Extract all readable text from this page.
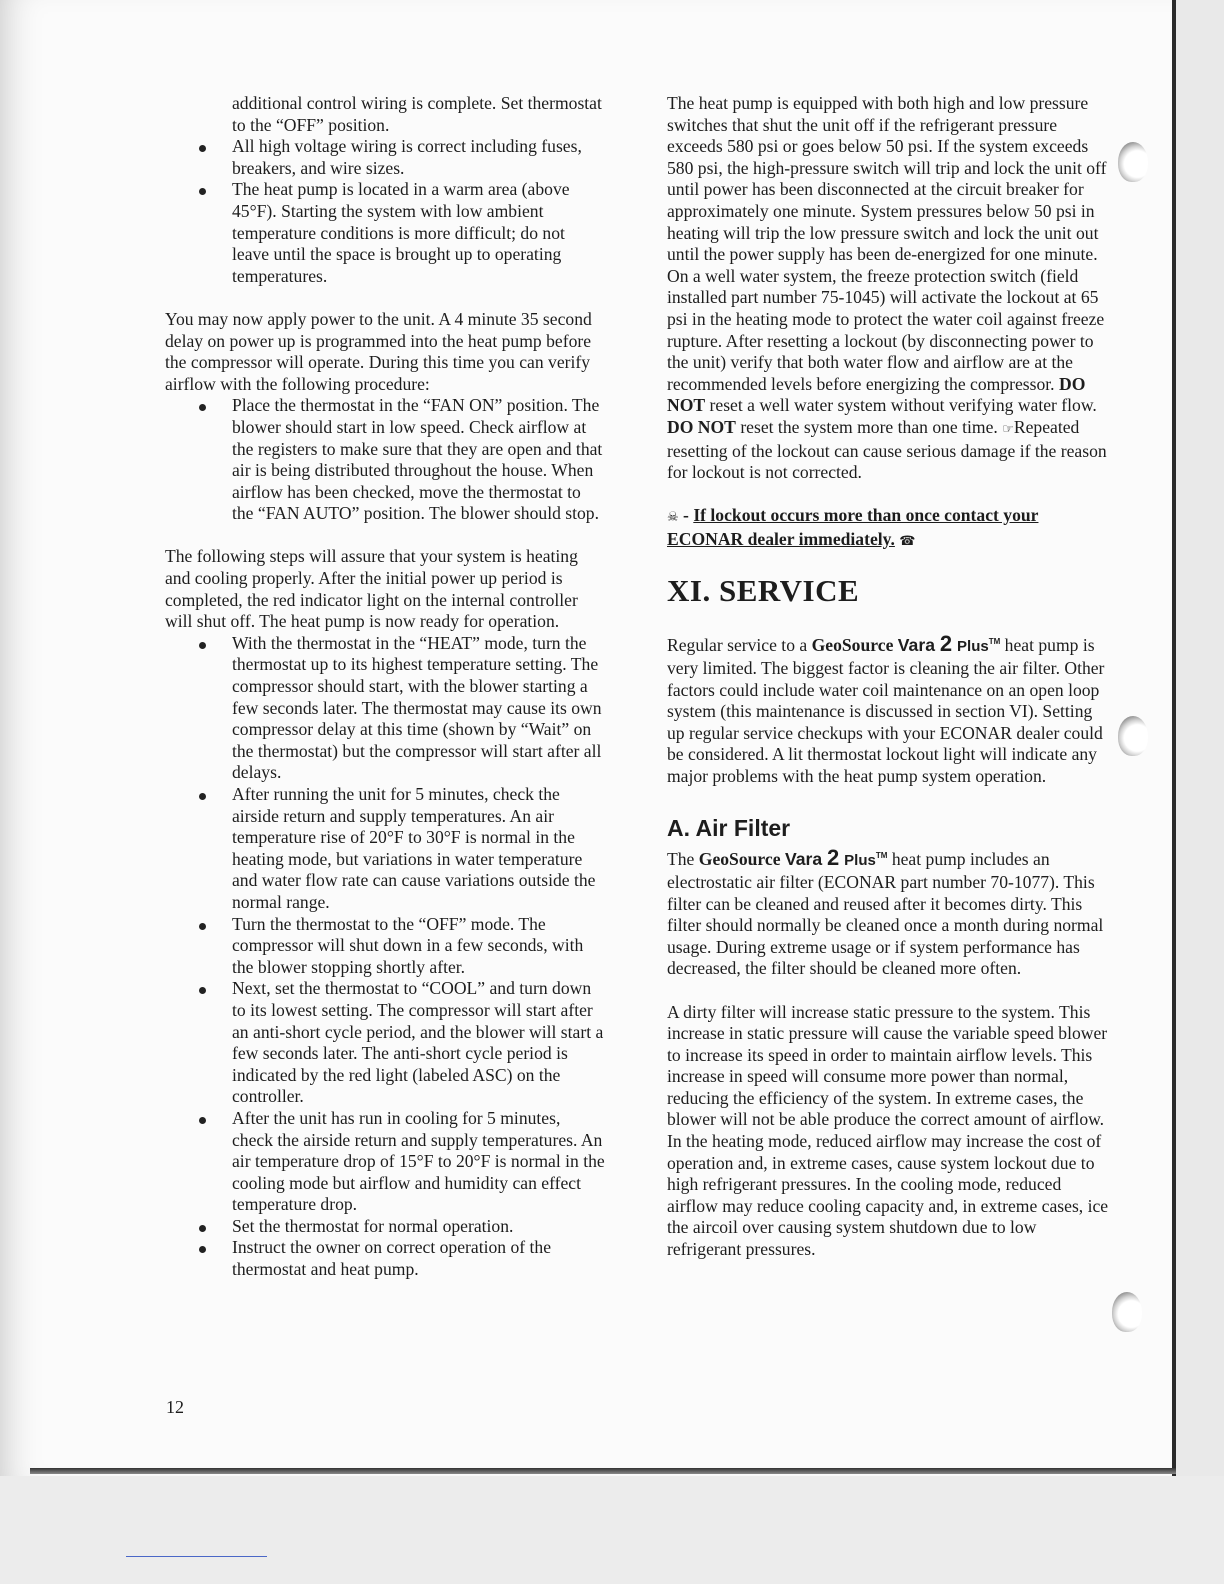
additional control wiring is complete. Set thermostat to the “OFF” position.

All high voltage wiring is correct including fuses, breakers, and wire sizes.
The heat pump is located in a warm area (above 45°F). Starting the system with low ambient temperature conditions is more difficult; do not leave until the space is brought up to operating temperatures.

You may now apply power to the unit. A 4 minute 35 second delay on power up is programmed into the heat pump before the compressor will operate. During this time you can verify airflow with the following procedure:

Place the thermostat in the “FAN ON” position. The blower should start in low speed. Check airflow at the registers to make sure that they are open and that air is being distributed throughout the house. When airflow has been checked, move the thermostat to the “FAN AUTO” position. The blower should stop.

The following steps will assure that your system is heating and cooling properly. After the initial power up period is completed, the red indicator light on the internal controller will shut off. The heat pump is now ready for operation.

With the thermostat in the “HEAT” mode, turn the thermostat up to its highest temperature setting. The compressor should start, with the blower starting a few seconds later. The thermostat may cause its own compressor delay at this time (shown by “Wait” on the thermostat) but the compressor will start after all delays.
After running the unit for 5 minutes, check the airside return and supply temperatures. An air temperature rise of 20°F to 30°F is normal in the heating mode, but variations in water temperature and water flow rate can cause variations outside the normal range.
Turn the thermostat to the “OFF” mode. The compressor will shut down in a few seconds, with the blower stopping shortly after.
Next, set the thermostat to “COOL” and turn down to its lowest setting. The compressor will start after an anti-short cycle period, and the blower will start a few seconds later. The anti-short cycle period is indicated by the red light (labeled ASC) on the controller.
After the unit has run in cooling for 5 minutes, check the airside return and supply temperatures. An air temperature drop of 15°F to 20°F is normal in the cooling mode but airflow and humidity can effect temperature drop.
Set the thermostat for normal operation.
Instruct the owner on correct operation of the thermostat and heat pump.

The heat pump is equipped with both high and low pressure switches that shut the unit off if the refrigerant pressure exceeds 580 psi or goes below 50 psi. If the system exceeds 580 psi, the high-pressure switch will trip and lock the unit off until power has been disconnected at the circuit breaker for approximately one minute. System pressures below 50 psi in heating will trip the low pressure switch and lock the unit out until the power supply has been de-energized for one minute. On a well water system, the freeze protection switch (field installed part number 75-1045) will activate the lockout at 65 psi in the heating mode to protect the water coil against freeze rupture. After resetting a lockout (by disconnecting power to the unit) verify that both water flow and airflow are at the recommended levels before energizing the compressor. DO NOT reset a well water system without verifying water flow. DO NOT reset the system more than one time. ☞Repeated resetting of the lockout can cause serious damage if the reason for lockout is not corrected.

☠ - If lockout occurs more than once contact your ECONAR dealer immediately. ☎

XI. SERVICE

Regular service to a GeoSource Vara 2 Plus™ heat pump is very limited. The biggest factor is cleaning the air filter. Other factors could include water coil maintenance on an open loop system (this maintenance is discussed in section VI). Setting up regular service checkups with your ECONAR dealer could be considered. A lit thermostat lockout light will indicate any major problems with the heat pump system operation.

A. Air Filter

The GeoSource Vara 2 Plus™ heat pump includes an electrostatic air filter (ECONAR part number 70-1077). This filter can be cleaned and reused after it becomes dirty. This filter should normally be cleaned once a month during normal usage. During extreme usage or if system performance has decreased, the filter should be cleaned more often.

A dirty filter will increase static pressure to the system. This increase in static pressure will cause the variable speed blower to increase its speed in order to maintain airflow levels. This increase in speed will consume more power than normal, reducing the efficiency of the system. In extreme cases, the blower will not be able produce the correct amount of airflow. In the heating mode, reduced airflow may increase the cost of operation and, in extreme cases, cause system lockout due to high refrigerant pressures. In the cooling mode, reduced airflow may reduce cooling capacity and, in extreme cases, ice the aircoil over causing system shutdown due to low refrigerant pressures.

12
